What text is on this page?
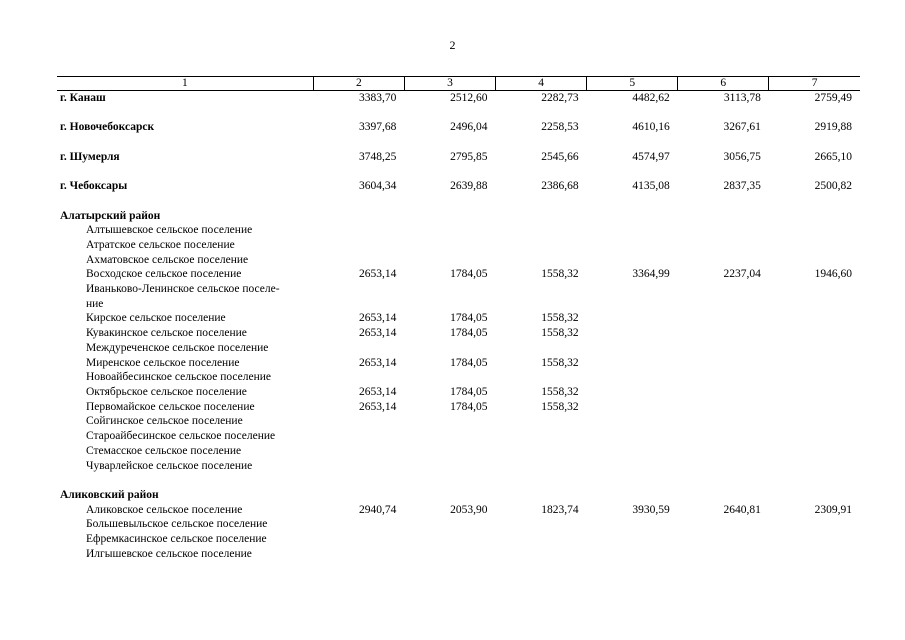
2
1	2	3	4	5	6	7
г. Канаш	3383,70	2512,60	2282,73	4482,62	3113,78	2759,49

г. Новочебоксарск	3397,68	2496,04	2258,53	4610,16	3267,61	2919,88

г. Шумерля	3748,25	2795,85	2545,66	4574,97	3056,75	2665,10

г. Чебоксары	3604,34	2639,88	2386,68	4135,08	2837,35	2500,82

Алатырский район						
Алтышевское сельское поселение						
Атратское сельское поселение						
Ахматовское сельское поселение						
Восходское сельское поселение	2653,14	1784,05	1558,32	3364,99	2237,04	1946,60
Иваньково-Ленинское сельское поселе-						
ние						
Кирское сельское поселение	2653,14	1784,05	1558,32			
Кувакинское сельское поселение	2653,14	1784,05	1558,32			
Междуреченское сельское поселение						
Миренское сельское поселение	2653,14	1784,05	1558,32			
Новоайбесинское сельское поселение						
Октябрьское сельское поселение	2653,14	1784,05	1558,32			
Первомайское сельское поселение	2653,14	1784,05	1558,32			
Сойгинское сельское поселение						
Староайбесинское сельское поселение						
Стемасское сельское поселение						
Чуварлейское сельское поселение						

Аликовский район						
Аликовское сельское поселение	2940,74	2053,90	1823,74	3930,59	2640,81	2309,91
Большевыльское сельское поселение						
Ефремкасинское сельское поселение						
Илгышевское сельское поселение						
